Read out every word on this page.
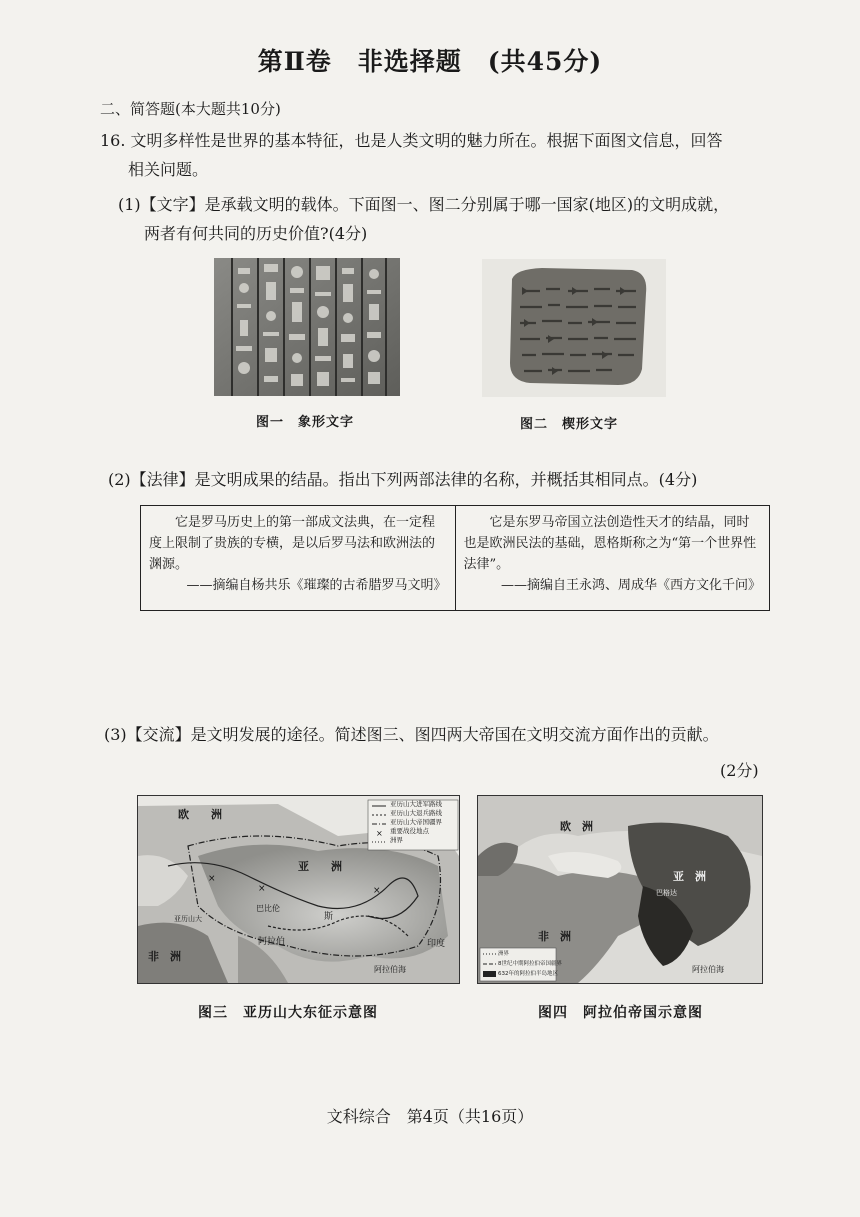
第Ⅱ卷　非选择题　(共45分)
二、简答题(本大题共10分)
16. 文明多样性是世界的基本特征，也是人类文明的魅力所在。根据下面图文信息，回答
相关问题。
(1)【文字】是承载文明的载体。下面图一、图二分别属于哪一国家(地区)的文明成就，
两者有何共同的历史价值?(4分)
图一　象形文字	图二　楔形文字
(2)【法律】是文明成果的结晶。指出下列两部法律的名称，并概括其相同点。(4分)
它是罗马历史上的第一部成文法典，在一定程度上限制了贵族的专横，是以后罗马法和欧洲法的渊源。
——摘编自杨共乐《璀璨的古希腊罗马文明》
它是东罗马帝国立法创造性天才的结晶，同时也是欧洲民法的基础，恩格斯称之为“第一个世界性法律”。
——摘编自王永鸿、周成华《西方文化千问》
(3)【交流】是文明发展的途径。简述图三、图四两大帝国在文明交流方面作出的贡献。
(2分)
×
×
×
×
亚历山大进军路线
亚历山大退兵路线
亚历山大帝国疆界
重要战役地点
洲界
欧　　洲
亚　　洲
非　洲
阿拉伯
斯
巴比伦
印度
阿拉伯海
亚历山大
图三　亚历山大东征示意图
洲界
8世纪中期阿拉伯帝国疆界
632年的阿拉伯半岛地区
欧　洲
亚　洲
非　洲
阿拉伯海
巴格达
图四　阿拉伯帝国示意图
文科综合　第4页（共16页）
